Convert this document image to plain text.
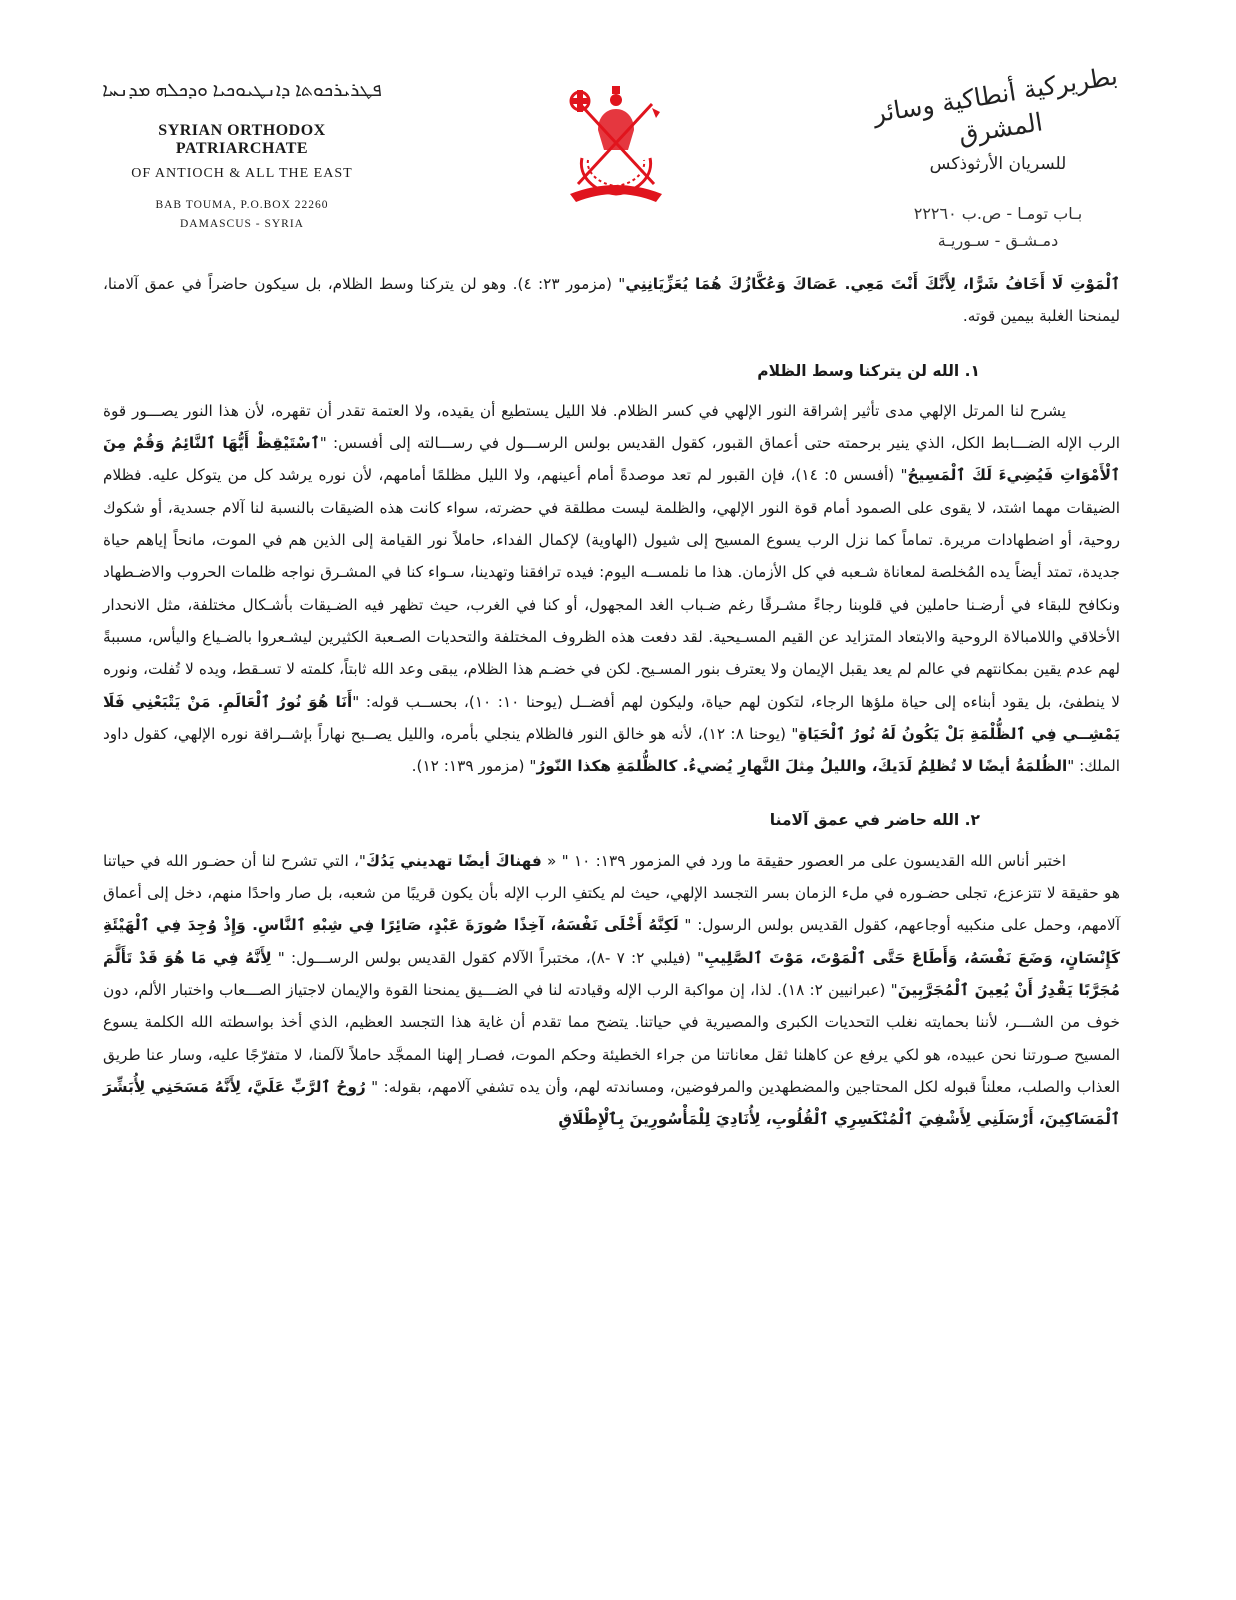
ܦܛܪܝܪܟܘܬܐ ܕܐܢܛܝܘܟܝܐ ܘܕܟܠܗ ܡܕܢܚܐ
SYRIAN ORTHODOX PATRIARCHATE
OF ANTIOCH & ALL THE EAST
BAB TOUMA, P.O.BOX 22260
DAMASCUS - SYRIA
بطريركية أنطاكية وسائر المشرق
للسريان الأرثوذكس
بـاب تومـا - ص.ب ٢٢٢٦٠
دمـشـق - سـوريـة

ٱلْمَوْتِ لَا أَخَافُ شَرًّا، لِأَنَّكَ أَنْتَ مَعِي. عَصَاكَ وَعُكَّازُكَ هُمَا يُعَزِّيَانِنِي" (مزمور ٢٣: ٤). وهو لن يتركنا وسط الظلام، بل سيكون حاضراً في عمق آلامنا، ليمنحنا الغلبة بيمين قوته.

١. الله لن يتركنا وسط الظلام

يشرح لنا المرتل الإلهي مدى تأثير إشراقة النور الإلهي في كسر الظلام. فلا الليل يستطيع أن يقيده، ولا العتمة تقدر أن تقهره، لأن هذا النور يصـــور قوة الرب الإله الضـــابط الكل، الذي ينير برحمته حتى أعماق القبور، كقول القديس بولس الرســـول في رســـالته إلى أفسس: "ٱسْتَيْقِظْ أَيُّهَا ٱلنَّائِمُ وَقُمْ مِنَ ٱلْأَمْوَاتِ فَيُضِيءَ لَكَ ٱلْمَسِيحُ" (أفسس ٥: ١٤)، فإن القبور لم تعد موصدةً أمام أعينهم، ولا الليل مظلمًا أمامهم، لأن نوره يرشد كل من يتوكل عليه. فظلام الضيقات مهما اشتد، لا يقوى على الصمود أمام قوة النور الإلهي، والظلمة ليست مطلقة في حضرته، سواء كانت هذه الضيقات بالنسبة لنا آلام جسدية، أو شكوك روحية، أو اضطهادات مريرة. تماماً كما نزل الرب يسوع المسيح إلى شيول (الهاوية) لإكمال الفداء، حاملاً نور القيامة إلى الذين هم في الموت، مانحاً إياهم حياة جديدة، تمتد أيضاً يده المُخلصة لمعاناة شـعبه في كل الأزمان. هذا ما نلمســه اليوم: فيده ترافقنا وتهدينا، سـواء كنا في المشـرق نواجه ظلمات الحروب والاضـطهاد ونكافح للبقاء في أرضـنا حاملين في قلوبنا رجاءً مشـرقًا رغم ضـباب الغد المجهول، أو كنا في الغرب، حيث تظهر فيه الضـيقات بأشـكال مختلفة، مثل الانحدار الأخلاقي واللامبالاة الروحية والابتعاد المتزايد عن القيم المسـيحية. لقد دفعت هذه الظروف المختلفة والتحديات الصـعبة الكثيرين ليشـعروا بالضـياع واليأس، مسببةً لهم عدم يقين بمكانتهم في عالم لم يعد يقبل الإيمان ولا يعترف بنور المسـيح. لكن في خضـم هذا الظلام، يبقى وعد الله ثابتاً، كلمته لا تسـقط، ويده لا تُفلت، ونوره لا ينطفئ، بل يقود أبناءه إلى حياة ملؤها الرجاء، لتكون لهم حياة، وليكون لهم أفضــل (يوحنا ١٠: ١٠)، بحســب قوله: "أَنَا هُوَ نُورُ ٱلْعَالَمِ. مَنْ يَتْبَعْنِي فَلَا يَمْشِــي فِي ٱلظُّلْمَةِ بَلْ يَكُونُ لَهُ نُورُ ٱلْحَيَاةِ" (يوحنا ٨: ١٢)، لأنه هو خالق النور فالظلام ينجلي بأمره، والليل يصــبح نهاراً بإشــراقة نوره الإلهي، كقول داود الملك: "الظُلمَةُ أيضًا لا تُظلِمُ لَدَيكَ، والليلُ مِثلَ النَّهارِ يُضيءُ. كالظُّلمَةِ هكذا النّورُ" (مزمور ١٣٩: ١٢).

٢. الله حاضر في عمق آلامنا

اختبر أناس الله القديسون على مر العصور حقيقة ما ورد في المزمور ١٣٩: ١٠ " « فهناكَ أيضًا تهديني يَدُكَ"، التي تشرح لنا أن حضـور الله في حياتنا هو حقيقة لا تتزعزع، تجلى حضـوره في ملء الزمان بسر التجسد الإلهي، حيث لم يكتفِ الرب الإله بأن يكون قريبًا من شعبه، بل صار واحدًا منهم، دخل إلى أعماق آلامهم، وحمل على منكبيه أوجاعهم، كقول القديس بولس الرسول: " لَكِنَّهُ أَخْلَى نَفْسَهُ، آخِذًا صُورَةَ عَبْدٍ، صَائِرًا فِي شِبْهِ ٱلنَّاسِ. وَإِذْ وُجِدَ فِي ٱلْهَيْئَةِ كَإِنْسَانٍ، وَضَعَ نَفْسَهُ، وَأَطَاعَ حَتَّى ٱلْمَوْتَ، مَوْتَ ٱلصَّلِيبِ" (فيلبي ٢: ٧ -٨)، مختبراً الآلام كقول القديس بولس الرســـول: " لِأَنَّهُ فِي مَا هُوَ قَدْ تَأَلَّمَ مُجَرَّبًا يَقْدِرُ أَنْ يُعِينَ ٱلْمُجَرَّبِينَ" (عبرانيين ٢: ١٨). لذا، إن مواكبة الرب الإله وقيادته لنا في الضـــيق يمنحنا القوة والإيمان لاجتياز الصـــعاب واختبار الألم، دون خوف من الشـــر، لأننا بحمايته نغلب التحديات الكبرى والمصيرية في حياتنا. يتضح مما تقدم أن غاية هذا التجسد العظيم، الذي أخذ بواسطته الله الكلمة يسوع المسيح صـورتنا نحن عبيده، هو لكي يرفع عن كاهلنا ثقل معاناتنا من جراء الخطيئة وحكم الموت، فصـار إلهنا الممجَّد حاملاً لآلمنا، لا متفرّجًا عليه، وسار عنا طريق العذاب والصلب، معلناً قبوله لكل المحتاجين والمضطهدين والمرفوضين، ومساندته لهم، وأن يده تشفي آلامهم، بقوله: " رُوحُ ٱلرَّبِّ عَلَيَّ، لِأَنَّهُ مَسَحَنِي لِأُبَشِّرَ ٱلْمَسَاكِينَ، أَرْسَلَنِي لِأَشْفِيَ ٱلْمُنْكَسِرِي ٱلْقُلُوبِ، لِأُنَادِيَ لِلْمَأْسُورِينَ بِٱلْإِطْلَاقِ
